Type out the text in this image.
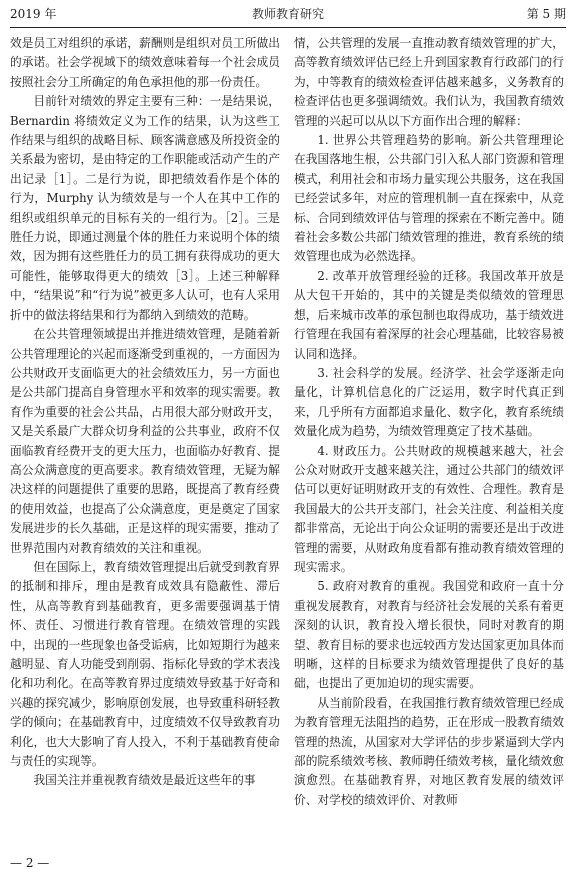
2019 年	教师教育研究	第 5 期

效是员工对组织的承诺，薪酬则是组织对员工所做出的承诺。社会学视域下的绩效意味着每一个社会成员按照社会分工所确定的角色承担他的那一份责任。

目前针对绩效的界定主要有三种：一是结果说，Bernardin 将绩效定义为工作的结果，认为这些工作结果与组织的战略目标、顾客满意感及所投资金的关系最为密切，是由特定的工作职能或活动产生的产出记录［1］。二是行为说，即把绩效看作是个体的行为，Murphy 认为绩效是与一个人在其中工作的组织或组织单元的目标有关的一组行为。［2］。三是胜任力说，即通过测量个体的胜任力来说明个体的绩效，因为拥有这些胜任力的员工拥有获得成功的更大可能性，能够取得更大的绩效［3］。上述三种解释中，“结果说”和“行为说”被更多人认可，也有人采用折中的做法将结果和行为都纳入到绩效的范畴。

在公共管理领域提出并推进绩效管理，是随着新公共管理理论的兴起而逐渐受到重视的，一方面因为公共财政开支面临更大的社会绩效压力，另一方面也是公共部门提高自身管理水平和效率的现实需要。教育作为重要的社会公共品，占用很大部分财政开支，又是关系最广大群众切身利益的公共事业，政府不仅面临教育经费开支的更大压力，也面临办好教育、提高公众满意度的更高要求。教育绩效管理，无疑为解决这样的问题提供了重要的思路，既提高了教育经费的使用效益，也提高了公众满意度，更是奠定了国家发展进步的长久基础，正是这样的现实需要，推动了世界范围内对教育绩效的关注和重视。

但在国际上，教育绩效管理提出后就受到教育界的抵制和排斥，理由是教育成效具有隐蔽性、滞后性，从高等教育到基础教育，更多需要强调基于情怀、责任、习惯进行教育管理。在绩效管理的实践中，出现的一些现象也备受诟病，比如短期行为越来越明显、育人功能受到削弱、指标化导致的学术表浅化和功利化。在高等教育界过度绩效导致基于好奇和兴趣的探究减少，影响原创发展，也导致重科研轻教学的倾向；在基础教育中，过度绩效不仅导致教育功利化，也大大影响了育人投入，不利于基础教育使命与责任的实现等。

我国关注并重视教育绩效是最近这些年的事

情，公共管理的发展一直推动教育绩效管理的扩大，高等教育绩效评估已经上升到国家教育行政部门的行为，中等教育的绩效检查评估越来越多，义务教育的检查评估也更多强调绩效。我们认为，我国教育绩效管理的兴起可以从以下方面作出合理的解释：

1. 世界公共管理趋势的影响。新公共管理理论在我国落地生根，公共部门引入私人部门资源和管理模式，利用社会和市场力量实现公共服务，这在我国已经尝试多年，对应的管理机制一直在探索中，从竞标、合同到绩效评估与管理的探索在不断完善中。随着社会多数公共部门绩效管理的推进，教育系统的绩效管理也成为必然选择。

2. 改革开放管理经验的迁移。我国改革开放是从大包干开始的，其中的关键是类似绩效的管理思想，后来城市改革的承包制也取得成功，基于绩效进行管理在我国有着深厚的社会心理基础，比较容易被认同和选择。

3. 社会科学的发展。经济学、社会学逐渐走向量化，计算机信息化的广泛运用，数字时代真正到来，几乎所有方面都追求量化、数字化，教育系统绩效量化成为趋势，为绩效管理奠定了技术基础。

4. 财政压力。公共财政的规模越来越大，社会公众对财政开支越来越关注，通过公共部门的绩效评估可以更好证明财政开支的有效性、合理性。教育是我国最大的公共开支部门，社会关注度、利益相关度都非常高，无论出于向公众证明的需要还是出于改进管理的需要，从财政角度看都有推动教育绩效管理的现实需求。

5. 政府对教育的重视。我国党和政府一直十分重视发展教育，对教育与经济社会发展的关系有着更深刻的认识，教育投入增长很快，同时对教育的期望、教育目标的要求也远较西方发达国家更加具体而明晰，这样的目标要求为绩效管理提供了良好的基础，也提出了更加迫切的现实需要。

从当前阶段看，在我国推行教育绩效管理已经成为教育管理无法阻挡的趋势，正在形成一股教育绩效管理的热流，从国家对大学评估的步步紧逼到大学内部的院系绩效考核、教师聘任绩效考核，量化绩效愈演愈烈。在基础教育界，对地区教育发展的绩效评价、对学校的绩效评价、对教师

— 2 —
